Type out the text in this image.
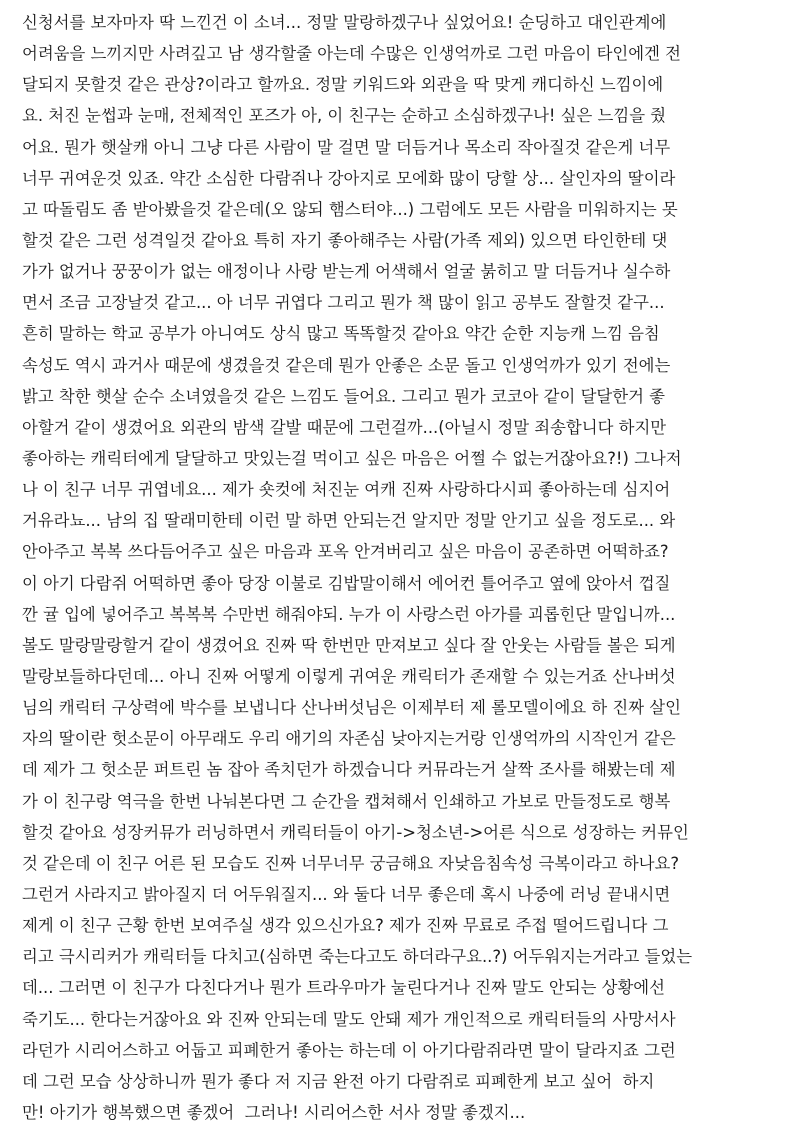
신청서를 보자마자 딱 느낀건 이 소녀... 정말 말랑하겠구나 싶었어요! 순딩하고 대인관계에
어려움을 느끼지만 사려깊고 남 생각할줄 아는데 수많은 인생억까로 그런 마음이 타인에겐 전
달되지 못할것 같은 관상?이라고 할까요. 정말 키워드와 외관을 딱 맞게 캐디하신 느낌이에
요. 처진 눈썹과 눈매, 전체적인 포즈가 아, 이 친구는 순하고 소심하겠구나! 싶은 느낌을 줬
어요. 뭔가 햇살캐 아니 그냥 다른 사람이 말 걸면 말 더듬거나 목소리 작아질것 같은게 너무
너무 귀여운것 있죠. 약간 소심한 다람쥐나 강아지로 모에화 많이 당할 상... 살인자의 딸이라
고 따돌림도 좀 받아봤을것 같은데(오 않되 햄스터야...) 그럼에도 모든 사람을 미워하지는 못
할것 같은 그런 성격일것 같아요 특히 자기 좋아해주는 사람(가족 제외) 있으면 타인한테 댓
가가 없거나 꿍꿍이가 없는 애정이나 사랑 받는게 어색해서 얼굴 붉히고 말 더듬거나 실수하
면서 조금 고장날것 같고... 아 너무 귀엽다 그리고 뭔가 책 많이 읽고 공부도 잘할것 같구...
흔히 말하는 학교 공부가 아니여도 상식 많고 똑똑할것 같아요 약간 순한 지능캐 느낌 음침
속성도 역시 과거사 때문에 생겼을것 같은데 뭔가 안좋은 소문 돌고 인생억까가 있기 전에는
밝고 착한 햇살 순수 소녀였을것 같은 느낌도 들어요. 그리고 뭔가 코코아 같이 달달한거 좋
아할거 같이 생겼어요 외관의 밤색 갈발 때문에 그런걸까...(아닐시 정말 죄송합니다 하지만
좋아하는 캐릭터에게 달달하고 맛있는걸 먹이고 싶은 마음은 어쩔 수 없는거잖아요?!) 그나저
나 이 친구 너무 귀엽네요... 제가 숏컷에 처진눈 여캐 진짜 사랑하다시피 좋아하는데 심지어
거유라뇨... 남의 집 딸래미한테 이런 말 하면 안되는건 알지만 정말 안기고 싶을 정도로... 와
안아주고 복복 쓰다듬어주고 싶은 마음과 포옥 안겨버리고 싶은 마음이 공존하면 어떡하죠?
이 아기 다람쥐 어떡하면 좋아 당장 이불로 김밥말이해서 에어컨 틀어주고 옆에 앉아서 껍질
깐 귤 입에 넣어주고 복복복 수만번 해줘야되. 누가 이 사랑스런 아가를 괴롭힌단 말입니까...
볼도 말랑말랑할거 같이 생겼어요 진짜 딱 한번만 만져보고 싶다 잘 안웃는 사람들 볼은 되게
말랑보들하다던데... 아니 진짜 어떻게 이렇게 귀여운 캐릭터가 존재할 수 있는거죠 산나버섯
님의 캐릭터 구상력에 박수를 보냅니다 산나버섯님은 이제부터 제 롤모델이에요 하 진짜 살인
자의 딸이란 헛소문이 아무래도 우리 애기의 자존심 낮아지는거랑 인생억까의 시작인거 같은
데 제가 그 헛소문 퍼트린 놈 잡아 족치던가 하겠습니다 커뮤라는거 살짝 조사를 해봤는데 제
가 이 친구랑 역극을 한번 나눠본다면 그 순간을 캡쳐해서 인쇄하고 가보로 만들정도로 행복
할것 같아요 성장커뮤가 러닝하면서 캐릭터들이 아기->청소년->어른 식으로 성장하는 커뮤인
것 같은데 이 친구 어른 된 모습도 진짜 너무너무 궁금해요 자낮음침속성 극복이라고 하나요?
그런거 사라지고 밝아질지 더 어두워질지... 와 둘다 너무 좋은데 혹시 나중에 러닝 끝내시면
제게 이 친구 근황 한번 보여주실 생각 있으신가요? 제가 진짜 무료로 주접 떨어드립니다 그
리고 극시리커가 캐릭터들 다치고(심하면 죽는다고도 하더라구요..?) 어두워지는거라고 들었는
데... 그러면 이 친구가 다친다거나 뭔가 트라우마가 눌린다거나 진짜 말도 안되는 상황에선
죽기도... 한다는거잖아요 와 진짜 안되는데 말도 안돼 제가 개인적으로 캐릭터들의 사망서사
라던가 시리어스하고 어둡고 피폐한거 좋아는 하는데 이 아기다람쥐라면 말이 달라지죠 그런
데 그런 모습 상상하니까 뭔가 좋다 저 지금 완전 아기 다람쥐로 피폐한게 보고 싶어  하지
만! 아기가 행복했으면 좋겠어  그러나! 시리어스한 서사 정말 좋겠지...
